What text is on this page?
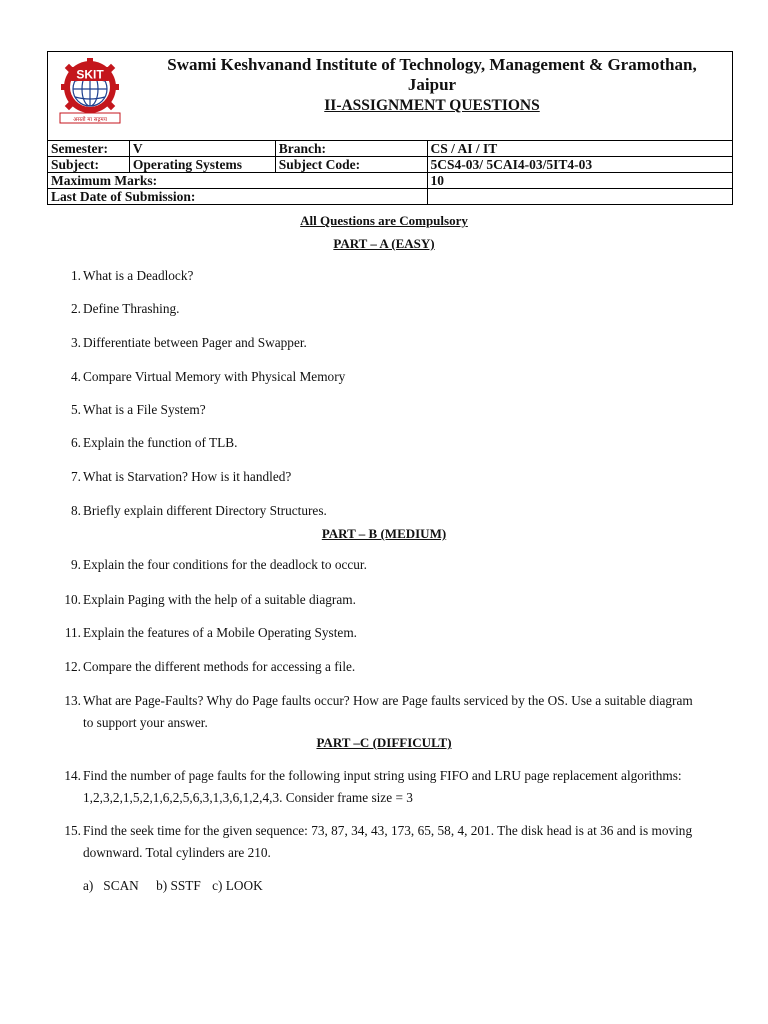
SKIT
असतो मा सद्गमय
Swami Keshvanand Institute of Technology, Management & Gramothan,
Jaipur
II-ASSIGNMENT QUESTIONS
Semester:	V	Branch:	CS / AI / IT
Subject:	Operating Systems	Subject Code:	5CS4-03/ 5CAI4-03/5IT4-03
Maximum Marks:			10
Last Date of Submission:			
All Questions are Compulsory
PART – A (EASY)
1. What is a Deadlock?
2. Define Thrashing.
3. Differentiate between Pager and Swapper.
4. Compare Virtual Memory with Physical Memory
5. What is a File System?
6. Explain the function of TLB.
7. What is Starvation? How is it handled?
8. Briefly explain different Directory Structures.
PART – B (MEDIUM)
9. Explain the four conditions for the deadlock to occur.
10. Explain Paging with the help of a suitable diagram.
11. Explain the features of a Mobile Operating System.
12. Compare the different methods for accessing a file.
13. What are Page-Faults? Why do Page faults occur? How are Page faults serviced by the OS. Use a suitable diagram
to support your answer.
PART –C (DIFFICULT)
14. Find the number of page faults for the following input string using FIFO and LRU page replacement algorithms:
1,2,3,2,1,5,2,1,6,2,5,6,3,1,3,6,1,2,4,3. Consider frame size = 3
15. Find the seek time for the given sequence: 73, 87, 34, 43, 173, 65, 58, 4, 201. The disk head is at 36 and is moving
downward. Total cylinders are 210.
a)   SCAN b) SSTF c) LOOK
